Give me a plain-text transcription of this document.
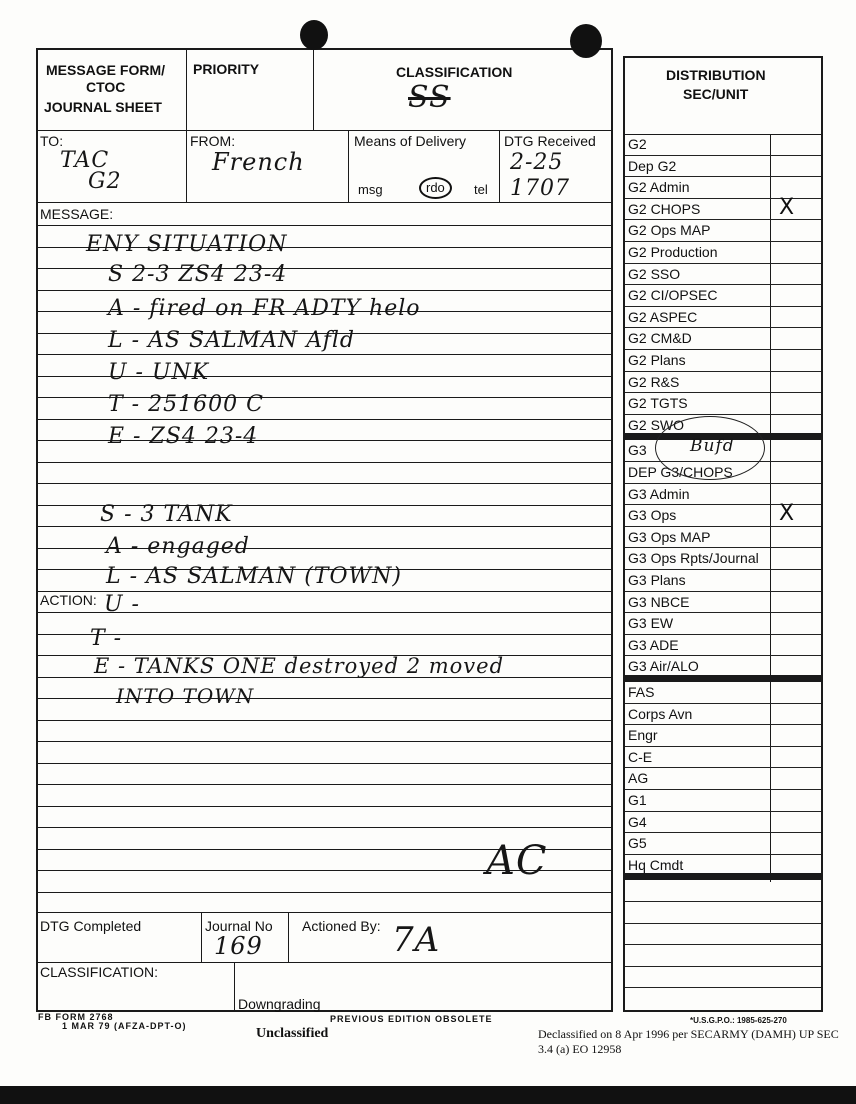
MESSAGE FORM/
CTOC
JOURNAL SHEET
PRIORITY	CLASSIFICATION
SS
TO:
TAC
G2
FROM:
French
Means of Delivery
msg	rdo	tel
DTG Received
2-25
1707
MESSAGE:
ENY SITUATION
S 2-3 ZS4 23-4
A - fired on FR ADTY helo
L - AS SALMAN Afld
U - UNK
T - 251600 C
E - ZS4 23-4
S - 3 TANK
A - engaged
L - AS SALMAN (TOWN)
ACTION: U -
T -
E - TANKS ONE destroyed 2 moved
INTO TOWN
AC
DTG Completed	Journal No
169
Actioned By: 7A
CLASSIFICATION:
Downgrading
DISTRIBUTION
SEC/UNIT
G2
Dep G2
G2 Admin
G2 CHOPS	X
G2 Ops MAP
G2 Production
G2 SSO
G2 CI/OPSEC
G2 ASPEC
G2 CM&D
G2 Plans
G2 R&S
G2 TGTS
G2 SWO
G3
DEP G3/CHOPS
G3 Admin
G3 Ops	X
G3 Ops MAP
G3 Ops Rpts/Journal
G3 Plans
G3 NBCE
G3 EW
G3 ADE
G3 Air/ALO
FAS
Corps Avn
Engr
C-E
AG
G1
G4
G5
Hq Cmdt
Bufd
FB FORM 2768
1 MAR 79 (AFZA-DPT-O)
PREVIOUS EDITION OBSOLETE	*U.S.G.P.O.: 1985-625-270
Unclassified	Declassified on 8 Apr 1996 per SECARMY (DAMH) UP SEC
3.4 (a) EO 12958
